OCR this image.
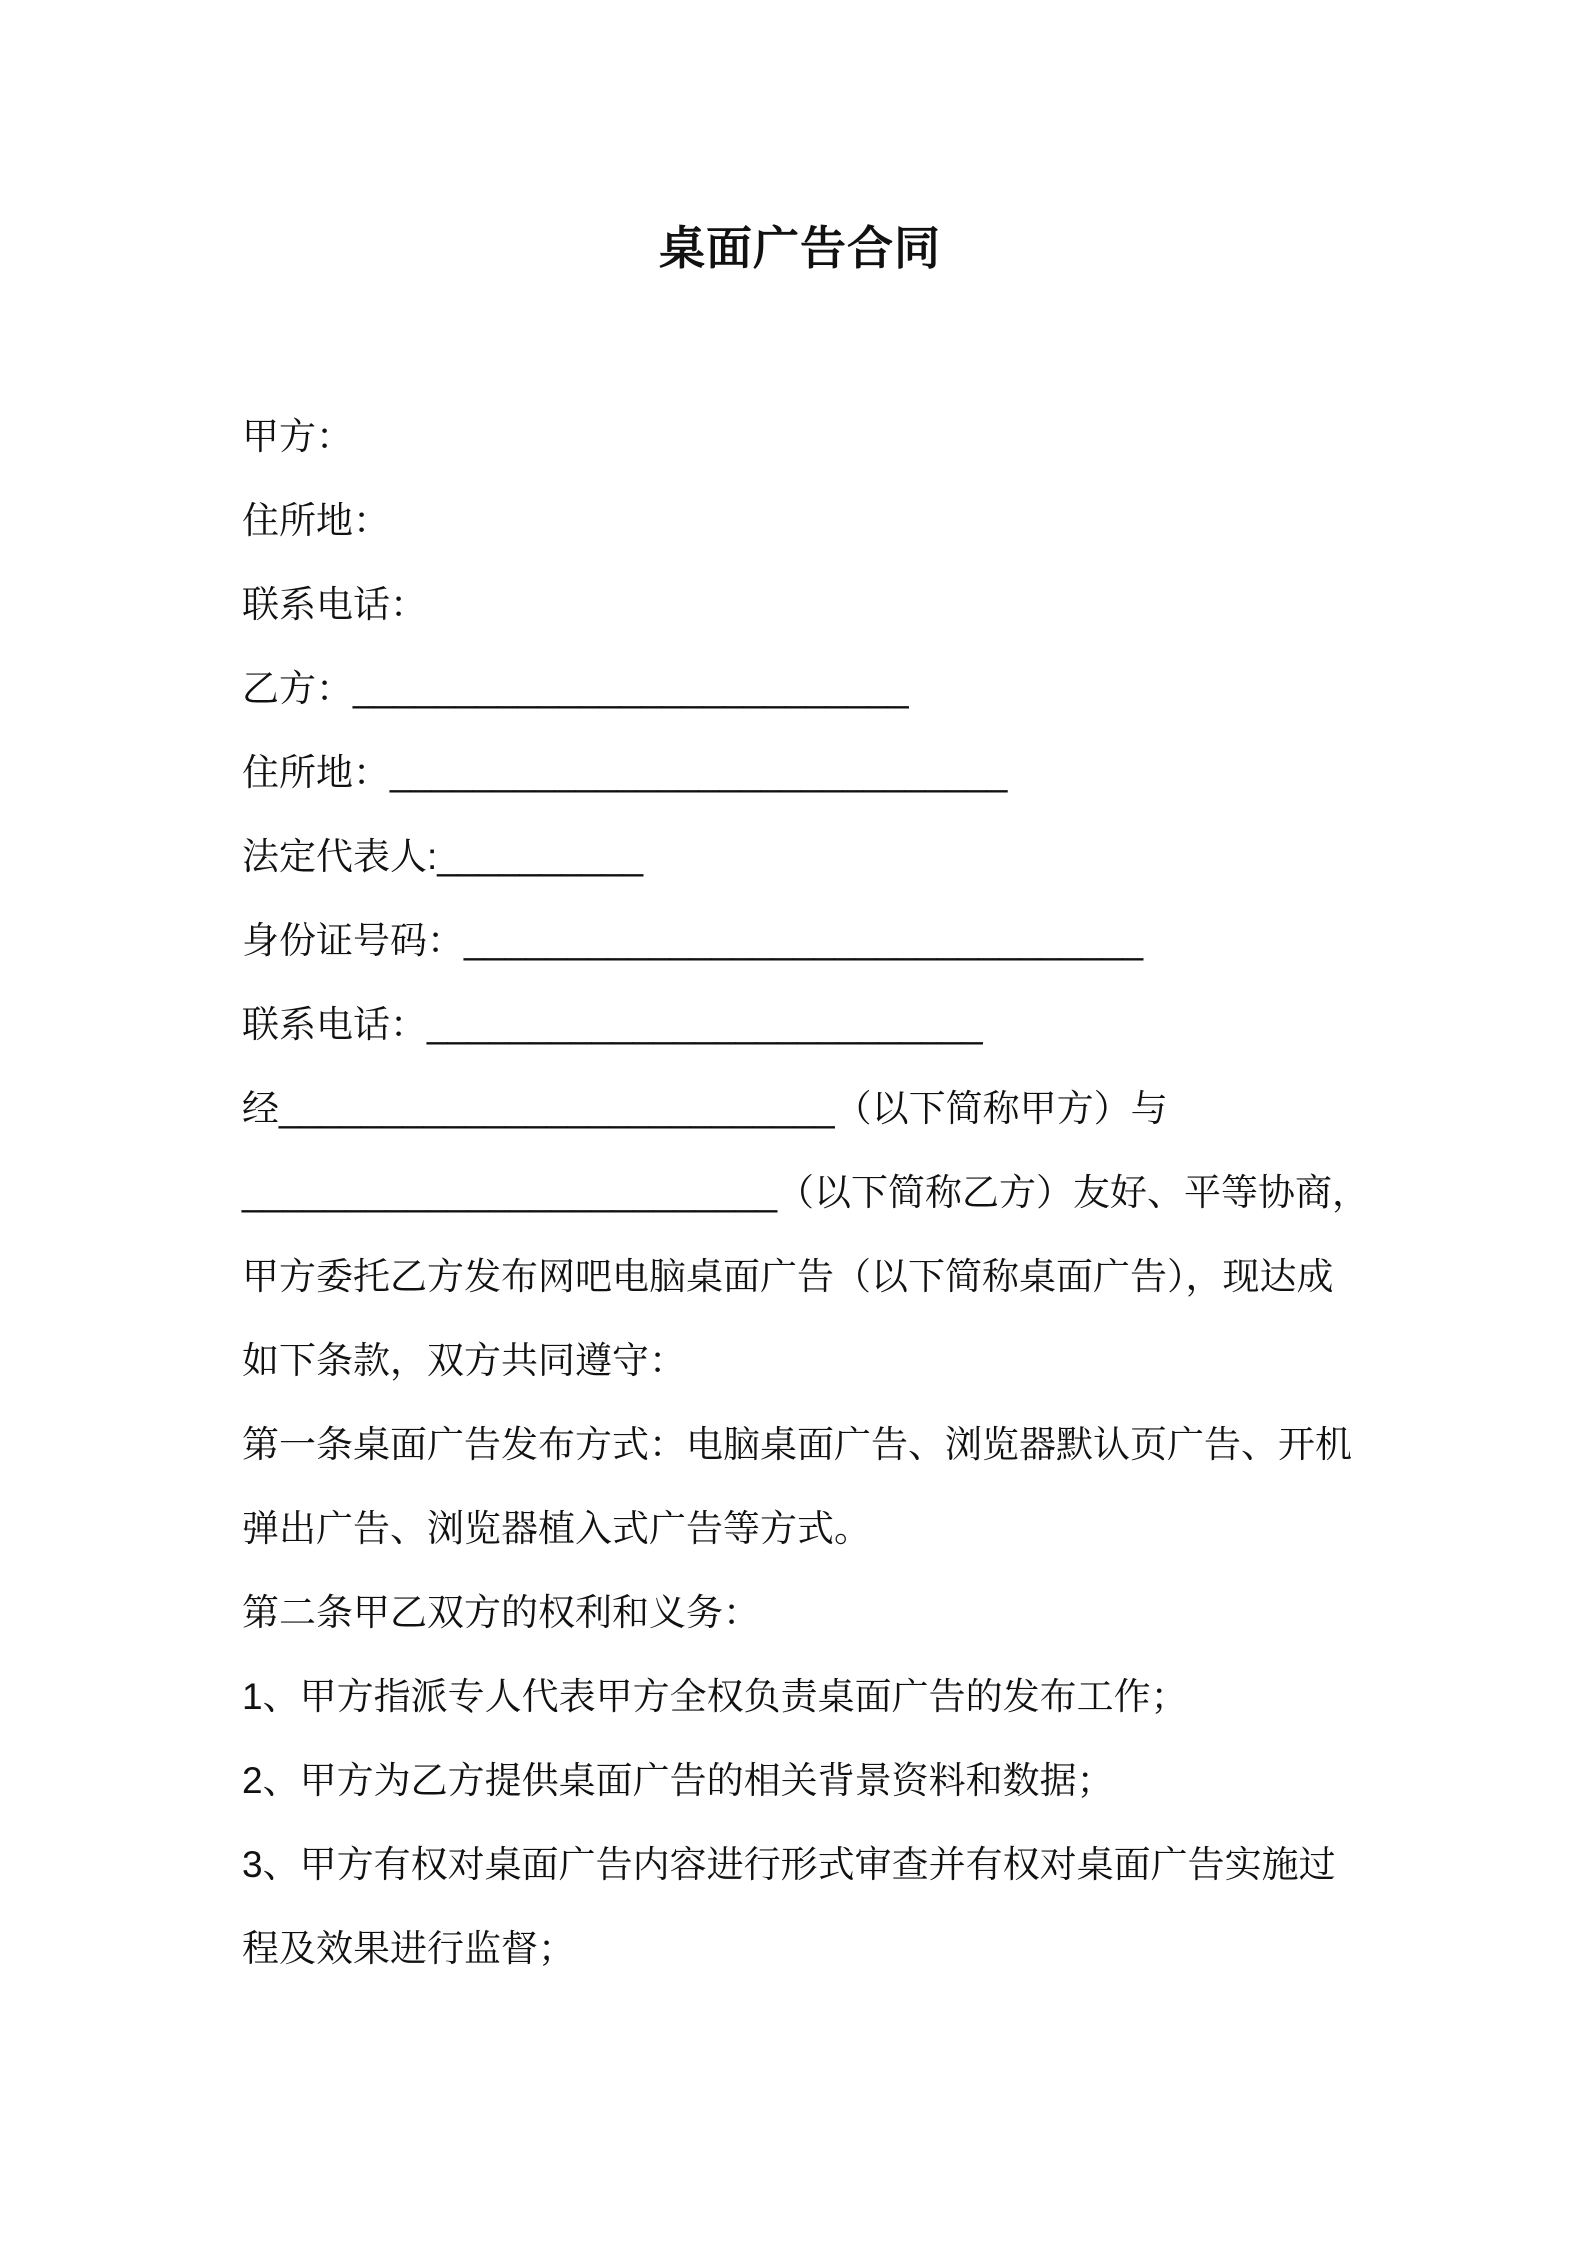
桌面广告合同
甲方：
住所地：
联系电话：
乙方：___________________________
住所地：______________________________
法定代表人:__________
身份证号码：_________________________________
联系电话：___________________________
经___________________________（以下简称甲方）与
__________________________（以下简称乙方）友好、平等协商，
甲方委托乙方发布网吧电脑桌面广告（以下简称桌面广告），现达成
如下条款，双方共同遵守：
第一条桌面广告发布方式：电脑桌面广告、浏览器默认页广告、开机
弹出广告、浏览器植入式广告等方式。
第二条甲乙双方的权利和义务：
1、甲方指派专人代表甲方全权负责桌面广告的发布工作；
2、甲方为乙方提供桌面广告的相关背景资料和数据；
3、甲方有权对桌面广告内容进行形式审查并有权对桌面广告实施过
程及效果进行监督；
